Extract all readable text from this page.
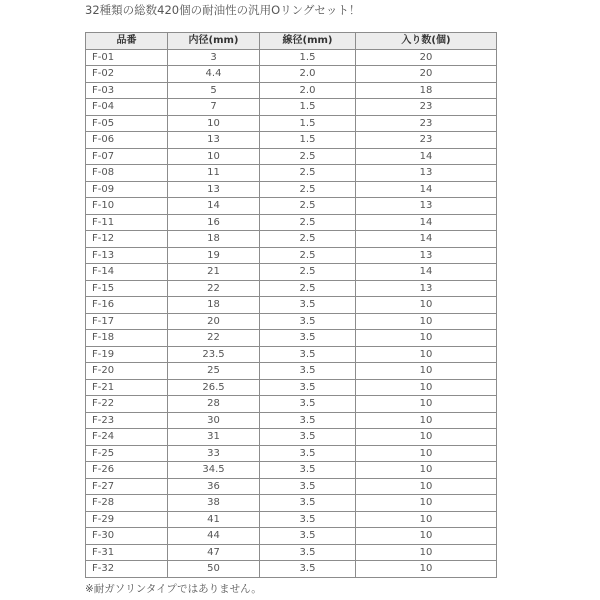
32種類の総数420個の耐油性の汎用Oリングセット！
品番	内径(mm)	線径(mm)	入り数(個)
F-01	3	1.5	20
F-02	4.4	2.0	20
F-03	5	2.0	18
F-04	7	1.5	23
F-05	10	1.5	23
F-06	13	1.5	23
F-07	10	2.5	14
F-08	11	2.5	13
F-09	13	2.5	14
F-10	14	2.5	13
F-11	16	2.5	14
F-12	18	2.5	14
F-13	19	2.5	13
F-14	21	2.5	14
F-15	22	2.5	13
F-16	18	3.5	10
F-17	20	3.5	10
F-18	22	3.5	10
F-19	23.5	3.5	10
F-20	25	3.5	10
F-21	26.5	3.5	10
F-22	28	3.5	10
F-23	30	3.5	10
F-24	31	3.5	10
F-25	33	3.5	10
F-26	34.5	3.5	10
F-27	36	3.5	10
F-28	38	3.5	10
F-29	41	3.5	10
F-30	44	3.5	10
F-31	47	3.5	10
F-32	50	3.5	10
※耐ガソリンタイプではありません。
